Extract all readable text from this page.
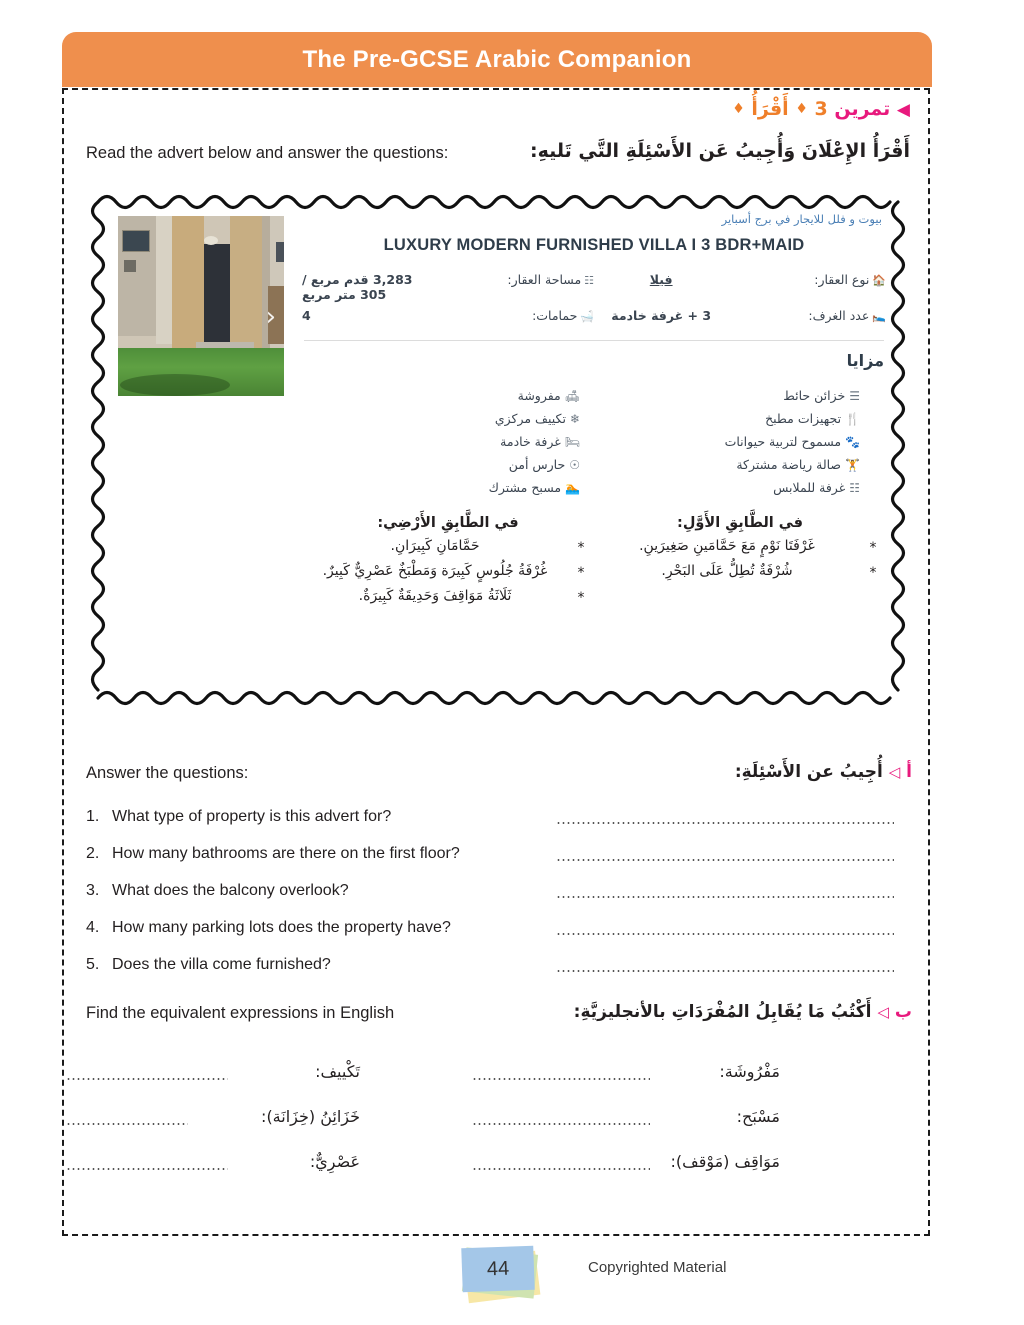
The Pre-GCSE Arabic Companion
◀ تمرين 3 ♦ أَقْرَأُ ♦
Read the advert below and answer the questions:	أَقْرَأُ الإِعْلَانَ وَأُجِيبُ عَن الأَسْئِلَةِ التَّي تَليهِ:
›
بيوت و فلل للايجار في برج أسباير
LUXURY MODERN FURNISHED VILLA I 3 BDR+MAID
🏠نوع العقار:	فيلا	☷مساحة العقار:	3,283 قدم مربع / 305 متر مربع
🛌عدد الغرف:	3 + غرفة خادمة	🛁حمامات:	4
مزايا
☰خزائن حائط
🍴تجهيزات مطبخ
🐾مسموح لتربية حيوانات
🏋صالة رياضة مشتركة
☷غرفة للملابس
🛋مفروشة
❄تكييف مركزي
🛏غرفة خادمة
☉حارس أمن
🏊مسبح مشترك
في الطَّابِقِ الأَوَّلِ:
*
غَرْفَتَا نَوْمٍ مَعَ حَمَّامَينِ صَغِيرَينِ.
*
شُرْفَةٌ تُطِلُّ عَلَى البَحْرِ.
في الطَّابِقِ الأَرْضِي:
*
حَمَّامَانِ كَبِيرَانِ.
*
غُرْفَةُ جُلُوسٍ كَبِيرَة وَمَطْبَخٌ عَصْرِيٌّ كَبِيرٌ.
*
ثَلَاثَةُ مَوَاقِفَ وَحَدِيقَةٌ كَبِيرَةٌ.
Answer the questions:	أ ◁ أُجِيبُ عن الأَسْئِلَةِ:
1. What type of property is this advert for?
2. How many bathrooms are there on the first floor?
3. What does the balcony overlook?
4. How many parking lots does the property have?
5. Does the villa come furnished?
Find the equivalent expressions in English	ب ◁ أَكْتُبُ مَا يُقَابِلُ المُفْرَدَاتِ بالأنجليزيَّةِ:
مَفْرُوشَة:
تَكْييف:
مَسْبَح:
خَزَائِنُ (خِزَانَة):
مَوَاقِف (مَوْقف):
عَصْرِيٌّ:
44	Copyrighted Material
